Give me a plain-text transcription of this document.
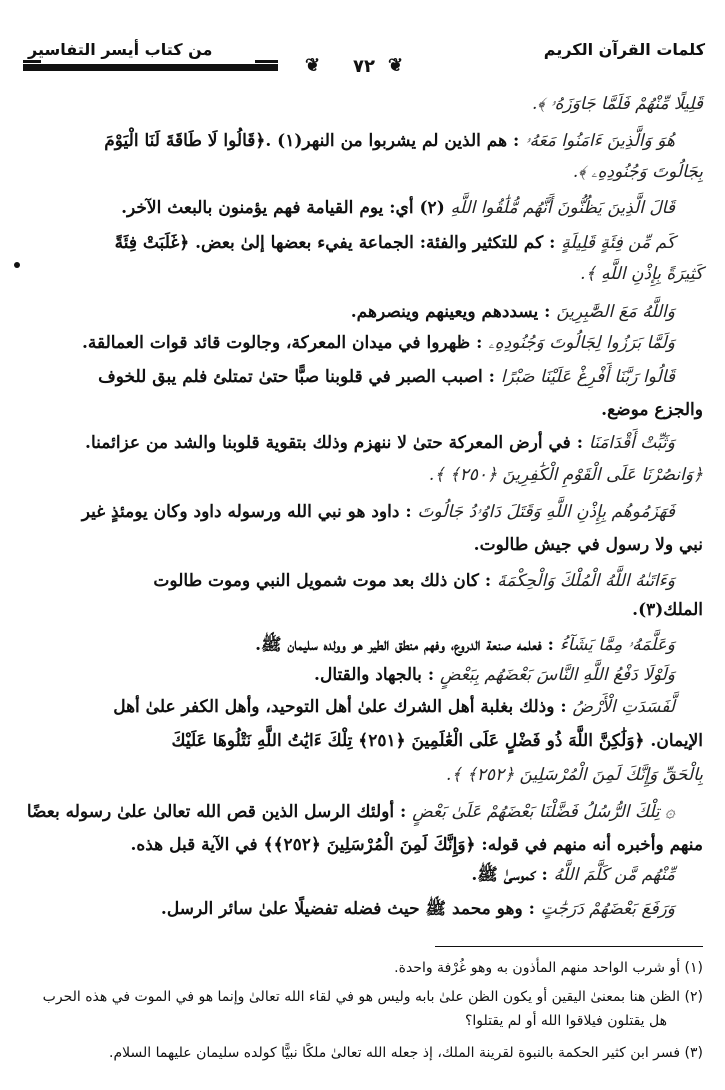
كلمات القرآن الكريم
من كتاب أيسر التفاسير
❦
٧٢
❦
قَلِيلًا مِّنْهُمْ فَلَمَّا جَاوَزَهُۥ ﴾.
هُوَ وَالَّذِينَ ءَامَنُوا مَعَهُۥ : هم الذين لم يشربوا من النهر(١) .﴿قَالُوا لَا طَاقَةَ لَنَا الْيَوْمَ
بِجَالُوتَ وَجُنُودِهِۦ ﴾.
قَالَ الَّذِينَ يَظُنُّونَ أَنَّهُم مُّلَٰقُوا اللَّهِ (٢) أي: يوم القيامة فهم يؤمنون بالبعث الآخر.
كَم مِّن فِئَةٍ قَلِيلَةٍ : كم للتكثير والفئة: الجماعة يفيء بعضها إلىٰ بعض. ﴿غَلَبَتْ فِئَةً
كَثِيرَةً بِإِذْنِ اللَّهِ ﴾.
وَاللَّهُ مَعَ الصَّٰبِرِينَ : يسددهم ويعينهم وينصرهم.
وَلَمَّا بَرَزُوا لِجَالُوتَ وَجُنُودِهِۦ : ظهروا في ميدان المعركة، وجالوت قائد قوات العمالقة.
قَالُوا رَبَّنَا أَفْرِغْ عَلَيْنَا صَبْرًا : اصبب الصبر في قلوبنا صبًّا حتىٰ تمتلئ فلم يبق للخوف
والجزع موضع.
وَثَبِّتْ أَقْدَامَنَا : في أرض المعركة حتىٰ لا ننهزم وذلك بتقوية قلوبنا والشد من عزائمنا.
﴿وَانصُرْنَا عَلَى الْقَوْمِ الْكَٰفِرِينَ ﴿٢٥٠﴾ ﴾.
فَهَزَمُوهُم بِإِذْنِ اللَّهِ وَقَتَلَ دَاوُۥدُ جَالُوتَ : داود هو نبي الله ورسوله داود وكان يومئذٍ غير
نبي ولا رسول في جيش طالوت.
وَءَاتَىٰهُ اللَّهُ الْمُلْكَ وَالْحِكْمَةَ : كان ذلك بعد موت شمويل النبي وموت طالوت
الملك(٣).
وَعَلَّمَهُۥ مِمَّا يَشَآءُ : فعلمه صنعة الدروع، وفهم منطق الطير هو وولده سليمان ﷺ.
وَلَوْلَا دَفْعُ اللَّهِ النَّاسَ بَعْضَهُم بِبَعْضٍ : بالجهاد والقتال.
لَّفَسَدَتِ الْأَرْضُ : وذلك بغلبة أهل الشرك علىٰ أهل التوحيد، وأهل الكفر علىٰ أهل
الإيمان. ﴿وَلَٰكِنَّ اللَّهَ ذُو فَضْلٍ عَلَى الْعَٰلَمِينَ ﴿٢٥١﴾ تِلْكَ ءَايَٰتُ اللَّهِ نَتْلُوهَا عَلَيْكَ
بِالْحَقِّ وَإِنَّكَ لَمِنَ الْمُرْسَلِينَ ﴿٢٥٢﴾ ﴾.
۞ تِلْكَ الرُّسُلُ فَضَّلْنَا بَعْضَهُمْ عَلَىٰ بَعْضٍ : أولئك الرسل الذين قص الله تعالىٰ علىٰ رسوله بعضًا
منهم وأخبره أنه منهم في قوله: ﴿وَإِنَّكَ لَمِنَ الْمُرْسَلِينَ ﴿٢٥٢﴾﴾ في الآية قبل هذه.
مِّنْهُم مَّن كَلَّمَ اللَّهُ : كموسىٰ ﷺ.
وَرَفَعَ بَعْضَهُمْ دَرَجَٰتٍ : وهو محمد ﷺ حيث فضله تفضيلًا علىٰ سائر الرسل.
(١) أو شرب الواحد منهم المأذون به وهو غُرْفة واحدة.
(٢) الظن هنا بمعنىٰ اليقين أو يكون الظن علىٰ بابه وليس هو في لقاء الله تعالىٰ وإنما هو في الموت في هذه الحرب
هل يقتلون فيلاقوا الله أو لم يقتلوا؟
(٣) فسر ابن كثير الحكمة بالنبوة لقرينة الملك، إذ جعله الله تعالىٰ ملكًا نبيًّا كولده سليمان عليهما السلام.
